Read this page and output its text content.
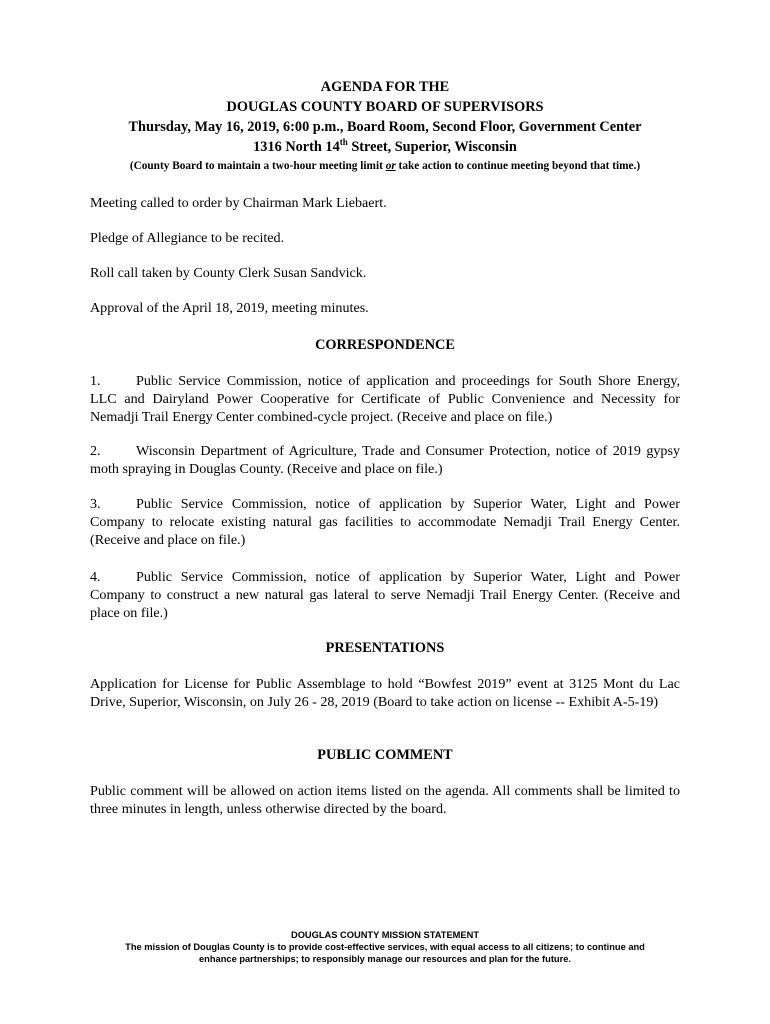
AGENDA FOR THE
DOUGLAS COUNTY BOARD OF SUPERVISORS
Thursday, May 16, 2019, 6:00 p.m., Board Room, Second Floor, Government Center
1316 North 14th Street, Superior, Wisconsin
(County Board to maintain a two-hour meeting limit or take action to continue meeting beyond that time.)
Meeting called to order by Chairman Mark Liebaert.
Pledge of Allegiance to be recited.
Roll call taken by County Clerk Susan Sandvick.
Approval of the April 18, 2019, meeting minutes.
CORRESPONDENCE

1.	Public Service Commission, notice of application and proceedings for South Shore Energy, LLC and Dairyland Power Cooperative for Certificate of Public Convenience and Necessity for Nemadji Trail Energy Center combined-cycle project. (Receive and place on file.)

2.	Wisconsin Department of Agriculture, Trade and Consumer Protection, notice of 2019 gypsy moth spraying in Douglas County. (Receive and place on file.)

3.	Public Service Commission, notice of application by Superior Water, Light and Power Company to relocate existing natural gas facilities to accommodate Nemadji Trail Energy Center. (Receive and place on file.)

4.	Public Service Commission, notice of application by Superior Water, Light and Power Company to construct a new natural gas lateral to serve Nemadji Trail Energy Center. (Receive and place on file.)

PRESENTATIONS
Application for License for Public Assemblage to hold “Bowfest 2019” event at 3125 Mont du Lac Drive, Superior, Wisconsin, on July 26 - 28, 2019 (Board to take action on license -- Exhibit A-5-19)
PUBLIC COMMENT
Public comment will be allowed on action items listed on the agenda. All comments shall be limited to three minutes in length, unless otherwise directed by the board.
DOUGLAS COUNTY MISSION STATEMENT
The mission of Douglas County is to provide cost-effective services, with equal access to all citizens; to continue and
enhance partnerships; to responsibly manage our resources and plan for the future.
